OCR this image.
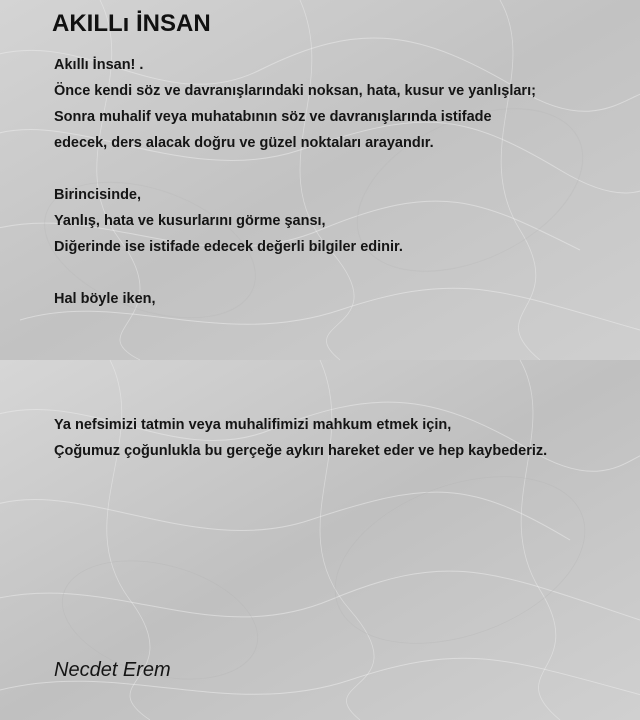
AKILLı İNSAN
Akıllı İnsan! .
Önce kendi söz ve davranışlarındaki noksan, hata, kusur ve yanlışları;
Sonra muhalif veya muhatabının söz ve davranışlarında istifade
edecek, ders alacak doğru ve güzel noktaları arayandır.
Birincisinde,
Yanlış, hata ve kusurlarını görme şansı,
Diğerinde ise istifade edecek değerli bilgiler edinir.
Hal böyle iken,
Ya nefsimizi tatmin veya muhalifimizi mahkum etmek için,
Çoğumuz çoğunlukla bu gerçeğe aykırı hareket eder ve hep kaybederiz.
Necdet Erem
